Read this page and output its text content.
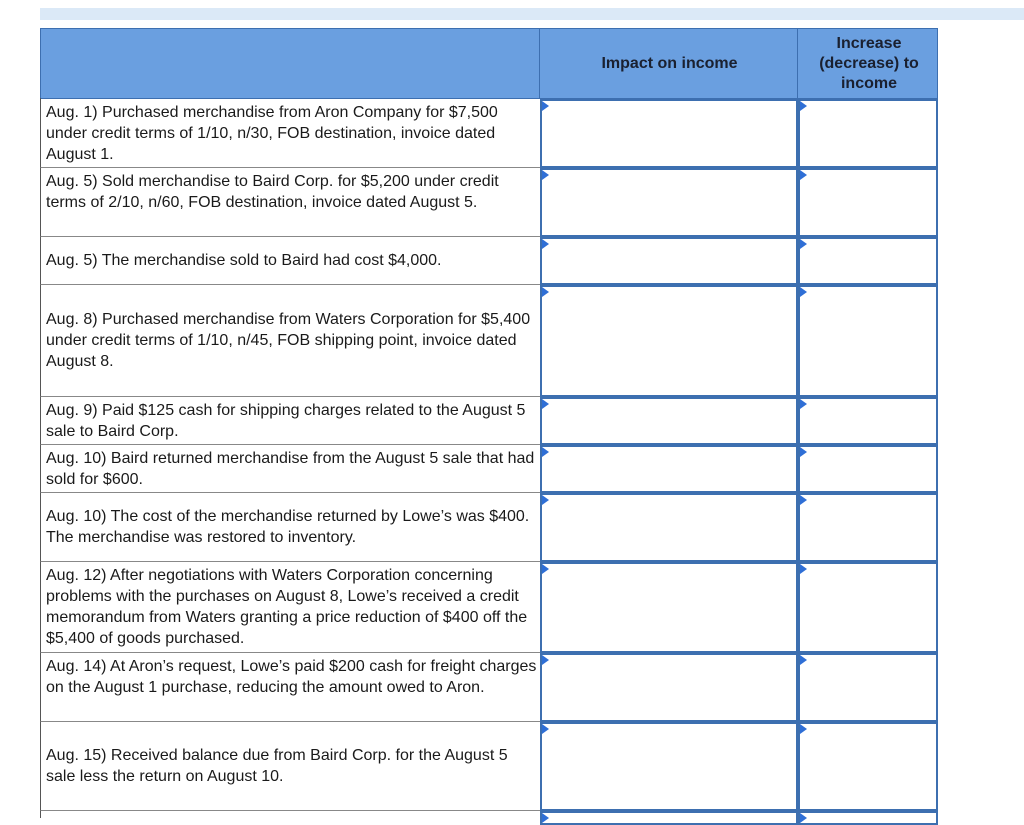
Impact on income
Increase
(decrease) to
income
Aug. 1) Purchased merchandise from Aron Company for $7,500 under credit terms of 1/10, n/30, FOB destination, invoice dated August 1.
Aug. 5) Sold merchandise to Baird Corp. for $5,200 under credit terms of 2/10, n/60, FOB destination, invoice dated August 5.
Aug. 5) The merchandise sold to Baird had cost $4,000.
Aug. 8) Purchased merchandise from Waters Corporation for $5,400 under credit terms of 1/10, n/45, FOB shipping point, invoice dated August 8.
Aug. 9) Paid $125 cash for shipping charges related to the August 5 sale to Baird Corp.
Aug. 10) Baird returned merchandise from the August 5 sale that had sold for $600.
Aug. 10) The cost of the merchandise returned by Lowe’s was $400. The merchandise was restored to inventory.
Aug. 12) After negotiations with Waters Corporation concerning problems with the purchases on August 8, Lowe’s received a credit memorandum from Waters granting a price reduction of $400 off the $5,400 of goods purchased.
Aug. 14) At Aron’s request, Lowe’s paid $200 cash for freight charges on the August 1 purchase, reducing the amount owed to Aron.
Aug. 15) Received balance due from Baird Corp. for the August 5 sale less the return on August 10.
